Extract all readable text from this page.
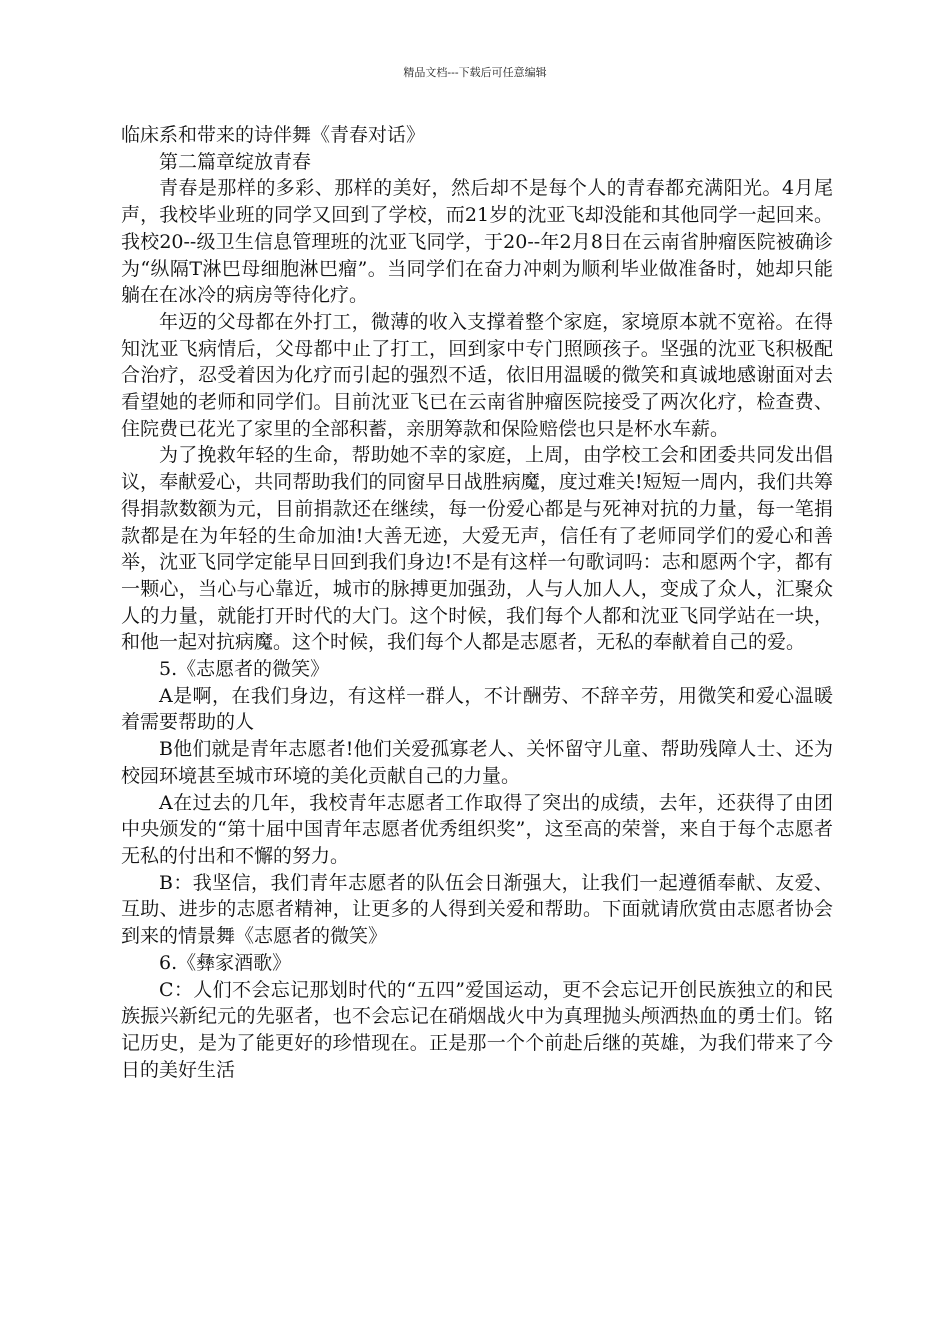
精品文档---下载后可任意编辑

临床系和带来的诗伴舞《青春对话》

第二篇章绽放青春

青春是那样的多彩、那样的美好，然后却不是每个人的青春都充满阳光。4月尾声，我校毕业班的同学又回到了学校，而21岁的沈亚飞却没能和其他同学一起回来。我校20--级卫生信息管理班的沈亚飞同学，于20--年2月8日在云南省肿瘤医院被确诊为“纵隔T淋巴母细胞淋巴瘤”。当同学们在奋力冲刺为顺利毕业做准备时，她却只能躺在在冰冷的病房等待化疗。

年迈的父母都在外打工，微薄的收入支撑着整个家庭，家境原本就不宽裕。在得知沈亚飞病情后，父母都中止了打工，回到家中专门照顾孩子。坚强的沈亚飞积极配合治疗，忍受着因为化疗而引起的强烈不适，依旧用温暖的微笑和真诚地感谢面对去看望她的老师和同学们。目前沈亚飞已在云南省肿瘤医院接受了两次化疗，检查费、住院费已花光了家里的全部积蓄，亲朋筹款和保险赔偿也只是杯水车薪。

为了挽救年轻的生命，帮助她不幸的家庭，上周，由学校工会和团委共同发出倡议，奉献爱心，共同帮助我们的同窗早日战胜病魔，度过难关!短短一周内，我们共筹得捐款数额为元，目前捐款还在继续，每一份爱心都是与死神对抗的力量，每一笔捐款都是在为年轻的生命加油!大善无迹，大爱无声，信任有了老师同学们的爱心和善举，沈亚飞同学定能早日回到我们身边!不是有这样一句歌词吗：志和愿两个字，都有一颗心，当心与心靠近，城市的脉搏更加强劲，人与人加人人，变成了众人，汇聚众人的力量，就能打开时代的大门。这个时候，我们每个人都和沈亚飞同学站在一块，和他一起对抗病魔。这个时候，我们每个人都是志愿者，无私的奉献着自己的爱。

5.《志愿者的微笑》

A是啊，在我们身边，有这样一群人，不计酬劳、不辞辛劳，用微笑和爱心温暖着需要帮助的人

B他们就是青年志愿者!他们关爱孤寡老人、关怀留守儿童、帮助残障人士、还为校园环境甚至城市环境的美化贡献自己的力量。

A在过去的几年，我校青年志愿者工作取得了突出的成绩，去年，还获得了由团中央颁发的“第十届中国青年志愿者优秀组织奖”，这至高的荣誉，来自于每个志愿者无私的付出和不懈的努力。

B：我坚信，我们青年志愿者的队伍会日渐强大，让我们一起遵循奉献、友爱、互助、进步的志愿者精神，让更多的人得到关爱和帮助。下面就请欣赏由志愿者协会到来的情景舞《志愿者的微笑》

6.《彝家酒歌》

C：人们不会忘记那划时代的“五四”爱国运动，更不会忘记开创民族独立的和民族振兴新纪元的先驱者，也不会忘记在硝烟战火中为真理抛头颅洒热血的勇士们。铭记历史，是为了能更好的珍惜现在。正是那一个个前赴后继的英雄，为我们带来了今日的美好生活
